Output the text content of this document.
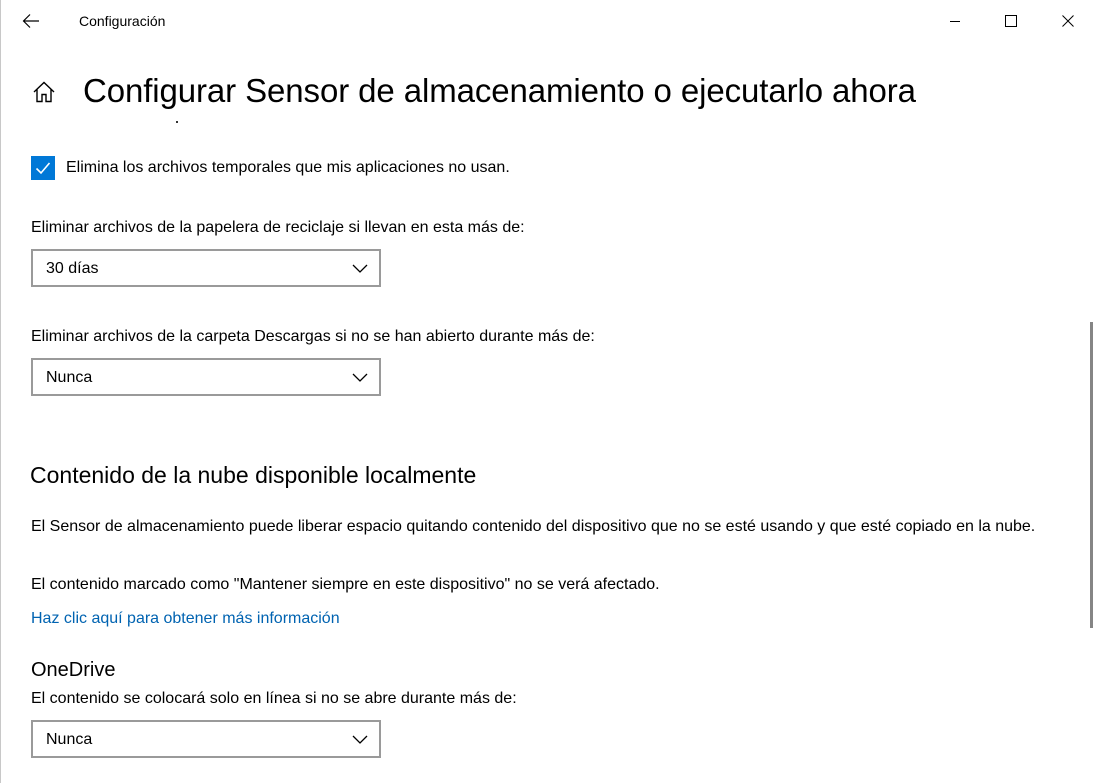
Configuración
Configurar Sensor de almacenamiento o ejecutarlo ahora
Elimina los archivos temporales que mis aplicaciones no usan.
Eliminar archivos de la papelera de reciclaje si llevan en esta más de:
30 días
Eliminar archivos de la carpeta Descargas si no se han abierto durante más de:
Nunca
Contenido de la nube disponible localmente

El Sensor de almacenamiento puede liberar espacio quitando contenido del dispositivo que no se esté usando y que esté copiado en la nube.

El contenido marcado como "Mantener siempre en este dispositivo" no se verá afectado.

Haz clic aquí para obtener más información
OneDrive
El contenido se colocará solo en línea si no se abre durante más de:
Nunca
